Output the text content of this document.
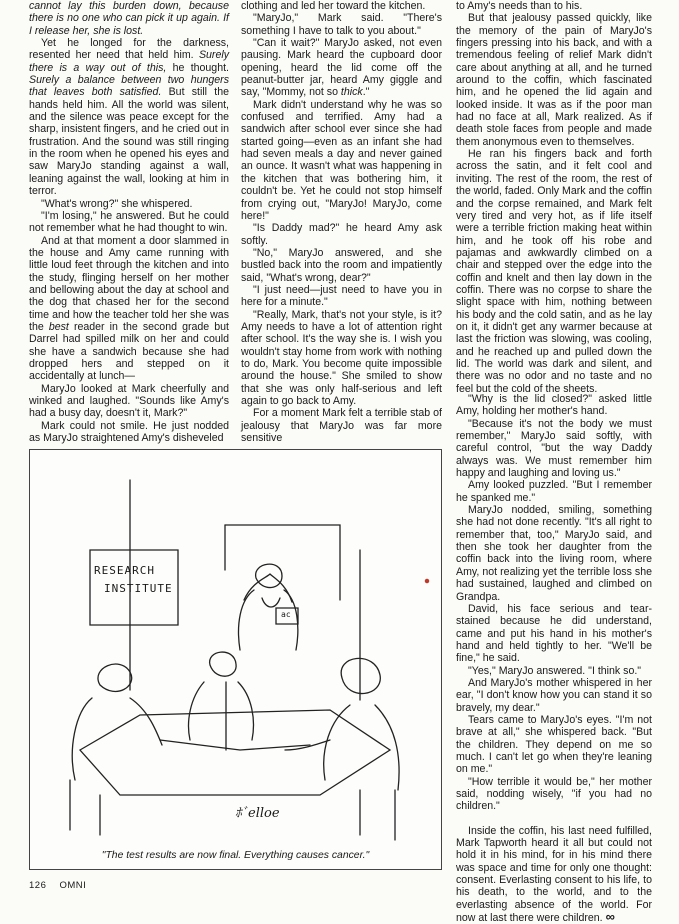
cannot lay this burden down, because there is no one who can pick it up again. If I release her, she is lost.

Yet he longed for the darkness, resented her need that held him. Surely there is a way out of this, he thought. Surely a balance between two hungers that leaves both satisfied. But still the hands held him. All the world was silent, and the silence was peace except for the sharp, insistent fingers, and he cried out in frustration. And the sound was still ringing in the room when he opened his eyes and saw MaryJo standing against a wall, leaning against the wall, looking at him in terror.

"What's wrong?" she whispered.

"I'm losing," he answered. But he could not remember what he had thought to win.

And at that moment a door slammed in the house and Amy came running with little loud feet through the kitchen and into the study, flinging herself on her mother and bellowing about the day at school and the dog that chased her for the second time and how the teacher told her she was the best reader in the second grade but Darrel had spilled milk on her and could she have a sandwich because she had dropped hers and stepped on it accidentally at lunch—

MaryJo looked at Mark cheerfully and winked and laughed. "Sounds like Amy's had a busy day, doesn't it, Mark?"

Mark could not smile. He just nodded as MaryJo straightened Amy's disheveled

clothing and led her toward the kitchen.

"MaryJo," Mark said. "There's something I have to talk to you about."

"Can it wait?" MaryJo asked, not even pausing. Mark heard the cupboard door opening, heard the lid come off the peanut-butter jar, heard Amy giggle and say, "Mommy, not so thick."

Mark didn't understand why he was so confused and terrified. Amy had a sandwich after school ever since she had started going—even as an infant she had had seven meals a day and never gained an ounce. It wasn't what was happening in the kitchen that was bothering him, it couldn't be. Yet he could not stop himself from crying out, "MaryJo! MaryJo, come here!"

"Is Daddy mad?" he heard Amy ask softly.

"No," MaryJo answered, and she bustled back into the room and impatiently said, "What's wrong, dear?"

"I just need—just need to have you in here for a minute."

"Really, Mark, that's not your style, is it? Amy needs to have a lot of attention right after school. It's the way she is. I wish you wouldn't stay home from work with nothing to do, Mark. You become quite impossible around the house." She smiled to show that she was only half-serious and left again to go back to Amy.

For a moment Mark felt a terrible stab of jealousy that MaryJo was far more sensitive

to Amy's needs than to his.

But that jealousy passed quickly, like the memory of the pain of MaryJo's fingers pressing into his back, and with a tremendous feeling of relief Mark didn't care about anything at all, and he turned around to the coffin, which fascinated him, and he opened the lid again and looked inside. It was as if the poor man had no face at all, Mark realized. As if death stole faces from people and made them anonymous even to themselves.

He ran his fingers back and forth across the satin, and it felt cool and inviting. The rest of the room, the rest of the world, faded. Only Mark and the coffin and the corpse remained, and Mark felt very tired and very hot, as if life itself were a terrible friction making heat within him, and he took off his robe and pajamas and awkwardly climbed on a chair and stepped over the edge into the coffin and knelt and then lay down in the coffin. There was no corpse to share the slight space with him, nothing between his body and the cold satin, and as he lay on it, it didn't get any warmer because at last the friction was slowing, was cooling, and he reached up and pulled down the lid. The world was dark and silent, and there was no odor and no taste and no feel but the cold of the sheets.

"Why is the lid closed?" asked little Amy, holding her mother's hand.

"Because it's not the body we must remember," MaryJo said softly, with careful control, "but the way Daddy always was. We must remember him happy and laughing and loving us."

Amy looked puzzled. "But I remember he spanked me."

MaryJo nodded, smiling, something she had not done recently. "It's all right to remember that, too," MaryJo said, and then she took her daughter from the coffin back into the living room, where Amy, not realizing yet the terrible loss she had sustained, laughed and climbed on Grandpa.

David, his face serious and tear-stained because he did understand, came and put his hand in his mother's hand and held tightly to her. "We'll be fine," he said.

"Yes," MaryJo answered. "I think so."

And MaryJo's mother whispered in her ear, "I don't know how you can stand it so bravely, my dear."

Tears came to MaryJo's eyes. "I'm not brave at all," she whispered back. "But the children. They depend on me so much. I can't let go when they're leaning on me."

"How terrible it would be," her mother said, nodding wisely, "if you had no children."

Inside the coffin, his last need fulfilled, Mark Tapworth heard it all but could not hold it in his mind, for in his mind there was space and time for only one thought: consent. Everlasting consent to his life, to his death, to the world, and to the everlasting absence of the world. For now at last there were children. ∞

RESEARCH
INSTITUTE
ac
ﾎﾞelloe
"The test results are now final. Everything causes cancer."
126 OMNI
